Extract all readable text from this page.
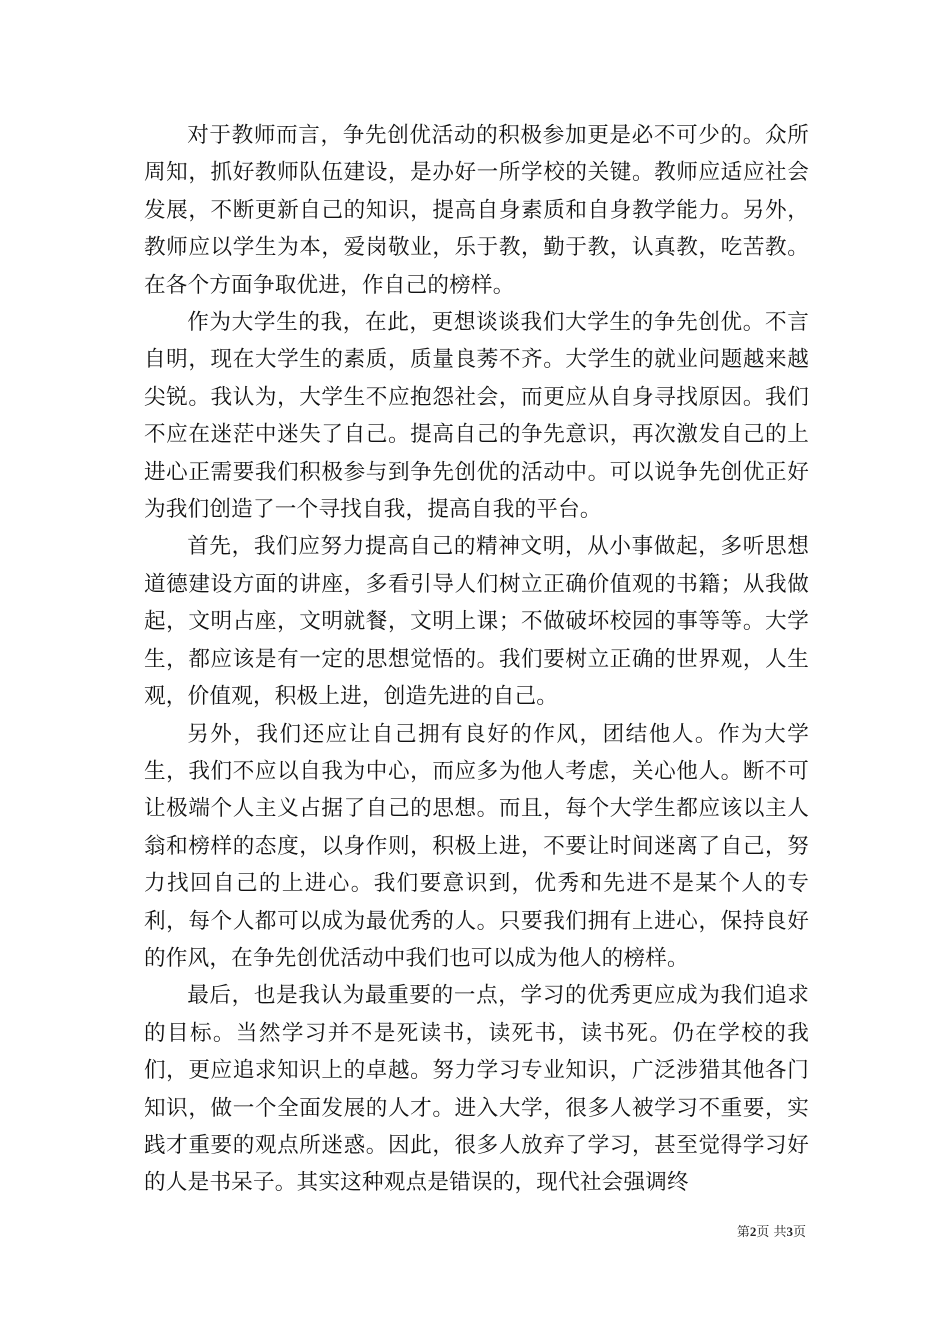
对于教师而言，争先创优活动的积极参加更是必不可少的。众所周知，抓好教师队伍建设，是办好一所学校的关键。教师应适应社会发展，不断更新自己的知识，提高自身素质和自身教学能力。另外，教师应以学生为本，爱岗敬业，乐于教，勤于教，认真教，吃苦教。在各个方面争取优进，作自己的榜样。

作为大学生的我，在此，更想谈谈我们大学生的争先创优。不言自明，现在大学生的素质，质量良莠不齐。大学生的就业问题越来越尖锐。我认为，大学生不应抱怨社会，而更应从自身寻找原因。我们不应在迷茫中迷失了自己。提高自己的争先意识，再次激发自己的上进心正需要我们积极参与到争先创优的活动中。可以说争先创优正好为我们创造了一个寻找自我，提高自我的平台。

首先，我们应努力提高自己的精神文明，从小事做起，多听思想道德建设方面的讲座，多看引导人们树立正确价值观的书籍；从我做起，文明占座，文明就餐，文明上课；不做破坏校园的事等等。大学生，都应该是有一定的思想觉悟的。我们要树立正确的世界观，人生观，价值观，积极上进，创造先进的自己。

另外，我们还应让自己拥有良好的作风，团结他人。作为大学生，我们不应以自我为中心，而应多为他人考虑，关心他人。断不可让极端个人主义占据了自己的思想。而且，每个大学生都应该以主人翁和榜样的态度，以身作则，积极上进，不要让时间迷离了自己，努力找回自己的上进心。我们要意识到，优秀和先进不是某个人的专利，每个人都可以成为最优秀的人。只要我们拥有上进心，保持良好的作风，在争先创优活动中我们也可以成为他人的榜样。

最后，也是我认为最重要的一点，学习的优秀更应成为我们追求的目标。当然学习并不是死读书，读死书，读书死。仍在学校的我们，更应追求知识上的卓越。努力学习专业知识，广泛涉猎其他各门知识，做一个全面发展的人才。进入大学，很多人被学习不重要，实践才重要的观点所迷惑。因此，很多人放弃了学习，甚至觉得学习好的人是书呆子。其实这种观点是错误的，现代社会强调终

第2页 共3页
